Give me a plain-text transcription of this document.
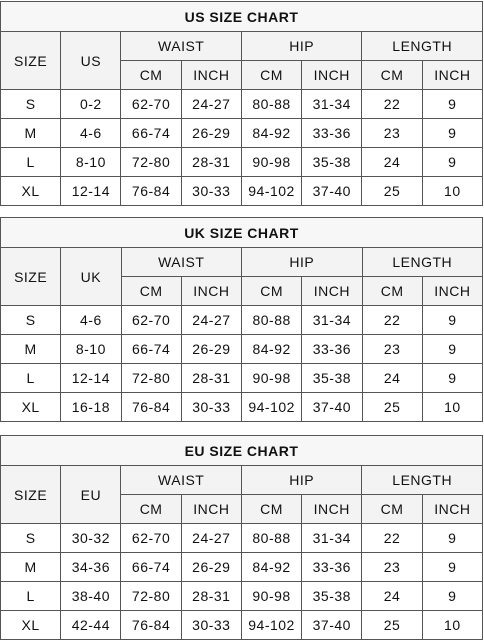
US SIZE CHART							
SIZE	US	WAIST		HIP		LENGTH	
		CM	INCH	CM	INCH	CM	INCH
S	0-2	62-70	24-27	80-88	31-34	22	9
M	4-6	66-74	26-29	84-92	33-36	23	9
L	8-10	72-80	28-31	90-98	35-38	24	9
XL	12-14	76-84	30-33	94-102	37-40	25	10
UK SIZE CHART							
SIZE	UK	WAIST		HIP		LENGTH	
		CM	INCH	CM	INCH	CM	INCH
S	4-6	62-70	24-27	80-88	31-34	22	9
M	8-10	66-74	26-29	84-92	33-36	23	9
L	12-14	72-80	28-31	90-98	35-38	24	9
XL	16-18	76-84	30-33	94-102	37-40	25	10
EU SIZE CHART							
SIZE	EU	WAIST		HIP		LENGTH	
		CM	INCH	CM	INCH	CM	INCH
S	30-32	62-70	24-27	80-88	31-34	22	9
M	34-36	66-74	26-29	84-92	33-36	23	9
L	38-40	72-80	28-31	90-98	35-38	24	9
XL	42-44	76-84	30-33	94-102	37-40	25	10
